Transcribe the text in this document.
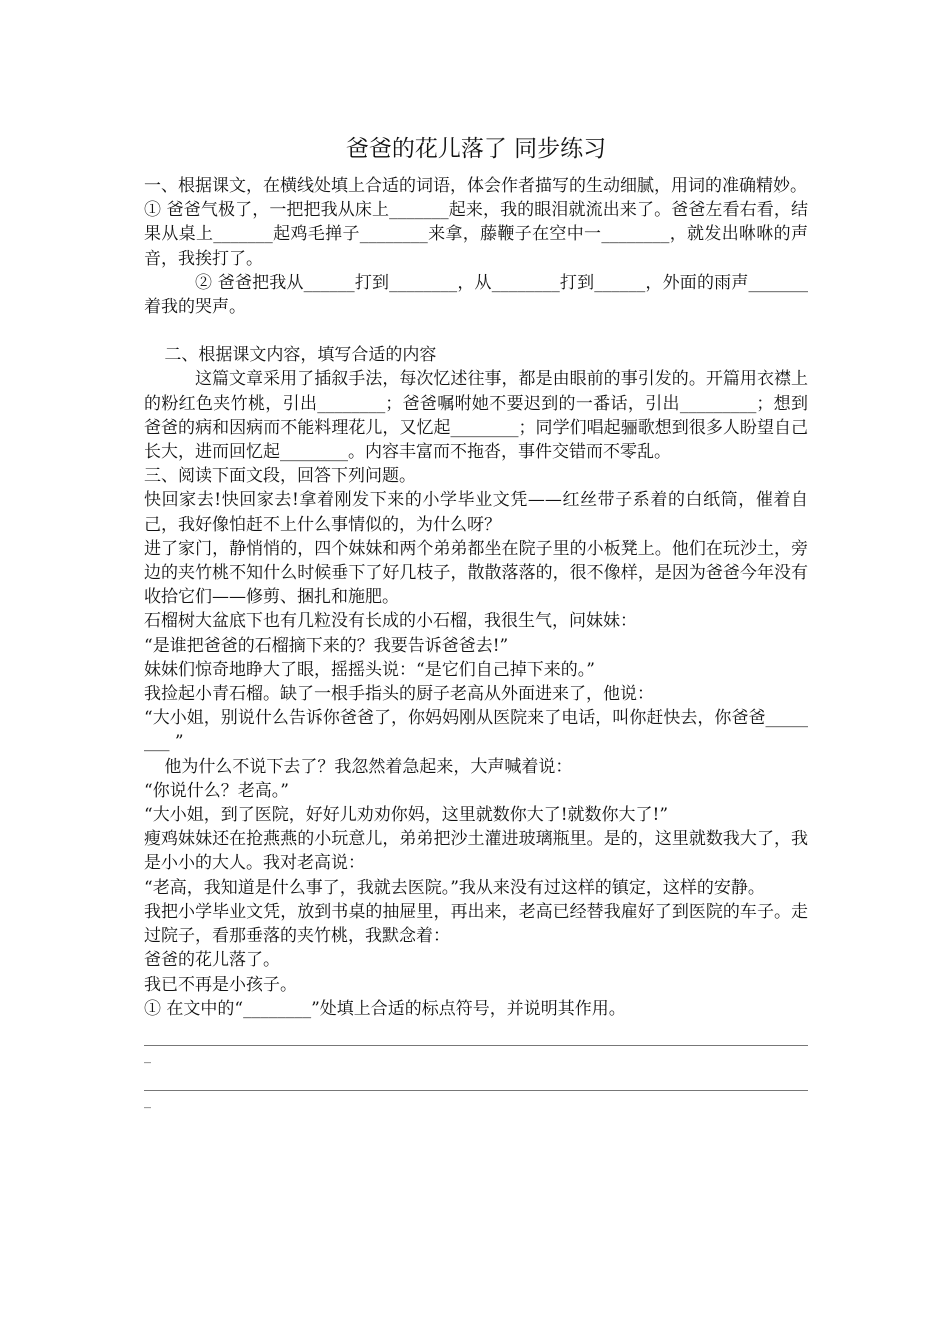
爸爸的花儿落了 同步练习

一、根据课文，在横线处填上合适的词语，体会作者描写的生动细腻，用词的准确精妙。

① 爸爸气极了，一把把我从床上_______起来，我的眼泪就流出来了。爸爸左看右看，结果从桌上_______起鸡毛掸子________来拿，藤鞭子在空中一________，就发出咻咻的声音，我挨打了。

② 爸爸把我从______打到________，从________打到______，外面的雨声_______着我的哭声。

二、根据课文内容，填写合适的内容

这篇文章采用了插叙手法，每次忆述往事，都是由眼前的事引发的。开篇用衣襟上的粉红色夹竹桃，引出________；爸爸嘱咐她不要迟到的一番话，引出_________；想到爸爸的病和因病而不能料理花儿，又忆起________；同学们唱起骊歌想到很多人盼望自己长大，进而回忆起________。内容丰富而不拖沓，事件交错而不零乱。

三、阅读下面文段，回答下列问题。

快回家去!快回家去!拿着刚发下来的小学毕业文凭——红丝带子系着的白纸筒，催着自己，我好像怕赶不上什么事情似的，为什么呀？

进了家门，静悄悄的，四个妹妹和两个弟弟都坐在院子里的小板凳上。他们在玩沙土，旁边的夹竹桃不知什么时候垂下了好几枝子，散散落落的，很不像样，是因为爸爸今年没有收拾它们——修剪、捆扎和施肥。

石榴树大盆底下也有几粒没有长成的小石榴，我很生气，问妹妹：

“是谁把爸爸的石榴摘下来的？我要告诉爸爸去!”

妹妹们惊奇地睁大了眼，摇摇头说：“是它们自己掉下来的。”

我捡起小青石榴。缺了一根手指头的厨子老高从外面进来了，他说：

“大小姐，别说什么告诉你爸爸了，你妈妈刚从医院来了电话，叫你赶快去，你爸爸________ ”

他为什么不说下去了？我忽然着急起来，大声喊着说：

“你说什么？老高。”

“大小姐，到了医院，好好儿劝劝你妈，这里就数你大了!就数你大了!”

瘦鸡妹妹还在抢燕燕的小玩意儿，弟弟把沙土灌进玻璃瓶里。是的，这里就数我大了，我是小小的大人。我对老高说：

“老高，我知道是什么事了，我就去医院。”我从来没有过这样的镇定，这样的安静。

我把小学毕业文凭，放到书桌的抽屉里，再出来，老高已经替我雇好了到医院的车子。走过院子，看那垂落的夹竹桃，我默念着：

爸爸的花儿落了。

我已不再是小孩子。

① 在文中的“________”处填上合适的标点符号，并说明其作用。

_
_
